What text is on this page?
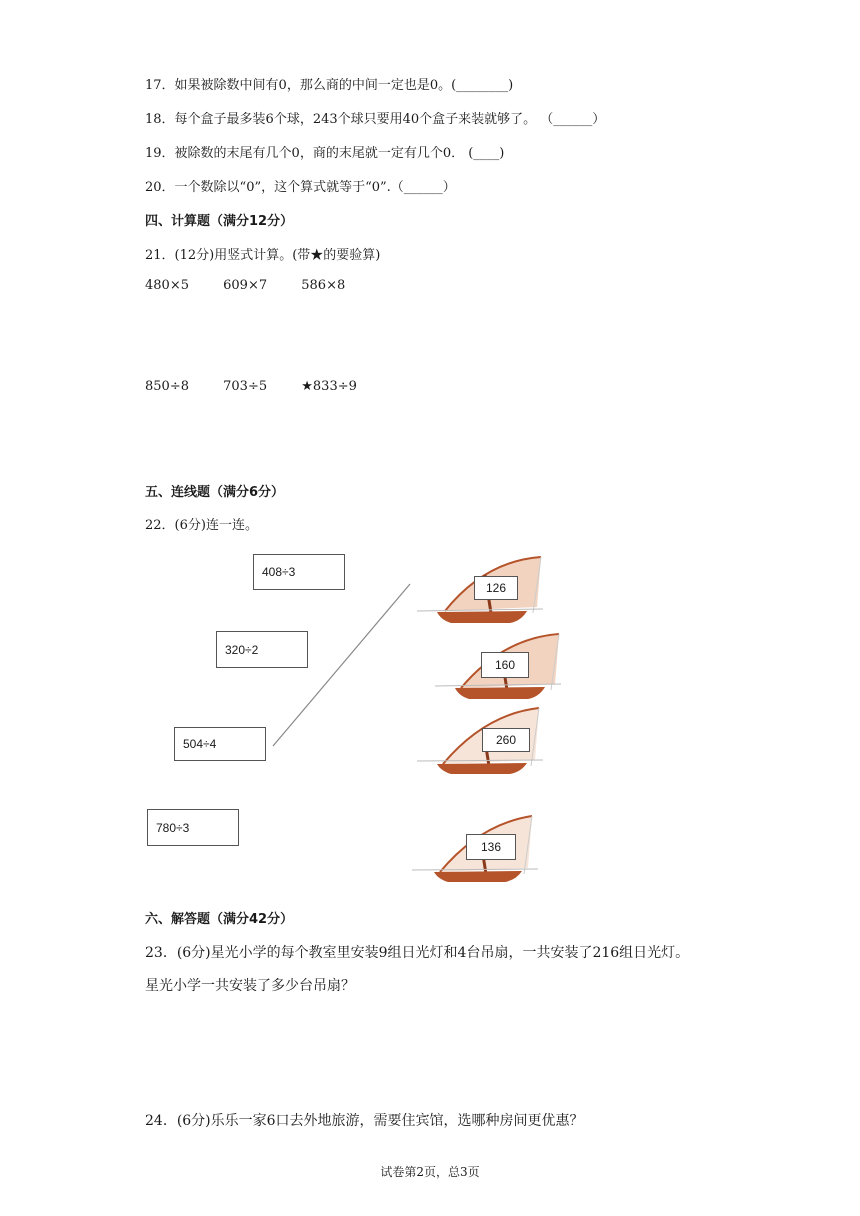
17．如果被除数中间有0，那么商的中间一定也是0。(________)
18．每个盒子最多装6个球，243个球只要用40个盒子来装就够了。 （______）
19．被除数的末尾有几个0，商的末尾就一定有几个0． (____)
20．一个数除以“0”，这个算式就等于“0”.（______）
四、计算题（满分12分）
21．(12分)用竖式计算。(带★的要验算)
480×5	609×7	586×8
850÷8	703÷5	★833÷9
五、连线题（满分6分）
22．(6分)连一连。
408÷3
320÷2
504÷4
780÷3
126
160
260
136
六、解答题（满分42分）
23．(6分)星光小学的每个教室里安装9组日光灯和4台吊扇，一共安装了216组日光灯。
星光小学一共安装了多少台吊扇？
24．(6分)乐乐一家6口去外地旅游，需要住宾馆，选哪种房间更优惠？
试卷第2页，总3页
